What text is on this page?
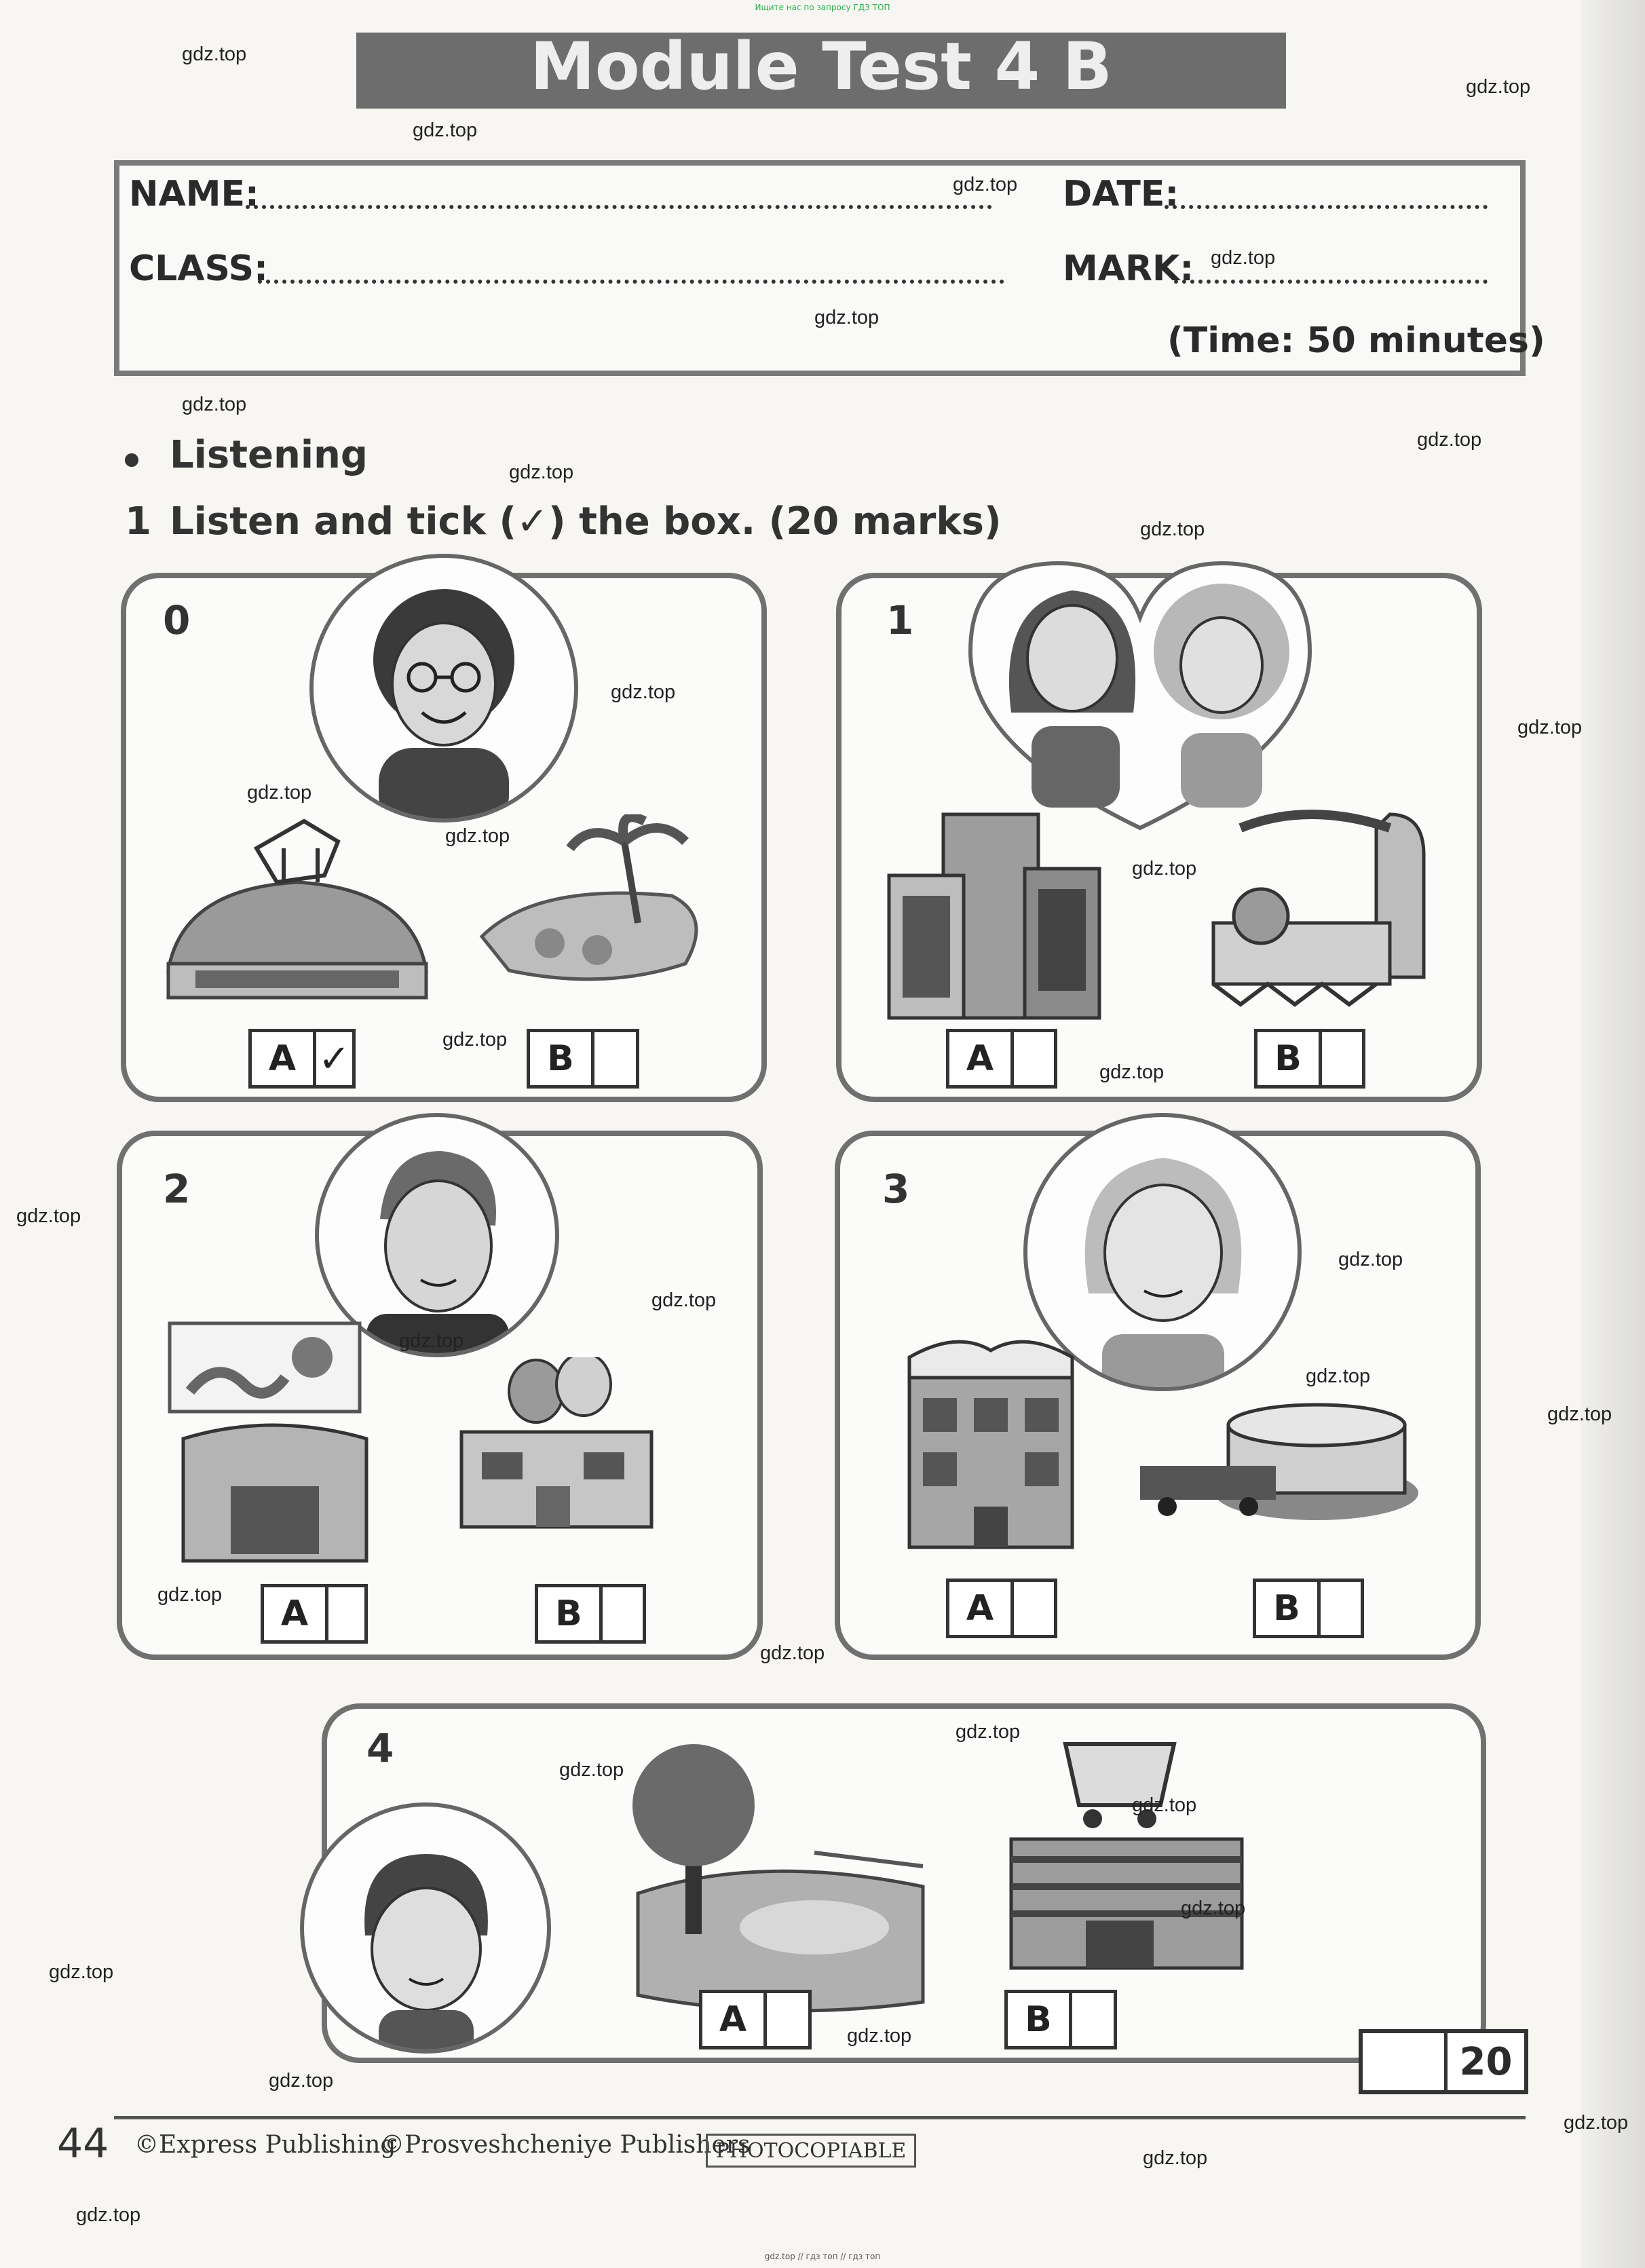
Ищите нас по запросу ГДЗ ТОП
Module Test 4 B
NAME:	DATE:
CLASS:	MARK:
(Time: 50 minutes)
Listening
1 Listen and tick (✓) the box. (20 marks)
0
A ✓	B
1
A	B
2
A	B
3
A	B
4
A	B
20
44 ©Express Publishing
©Prosveshcheniye Publishers
PHOTOCOPIABLE
gdz.top
gdz.top
gdz.top
gdz.top
gdz.top
gdz.top
gdz.top
gdz.top
gdz.top
gdz.top
gdz.top
gdz.top
gdz.top
gdz.top
gdz.top
gdz.top
gdz.top
gdz.top
gdz.top
gdz.top
gdz.top
gdz.top
gdz.top
gdz.top
gdz.top
gdz.top
gdz.top
gdz.top
gdz.top
gdz.top
gdz.top
gdz.top
gdz.top
gdz.top
gdz.top
gdz.top // гдз топ // гдз топ
